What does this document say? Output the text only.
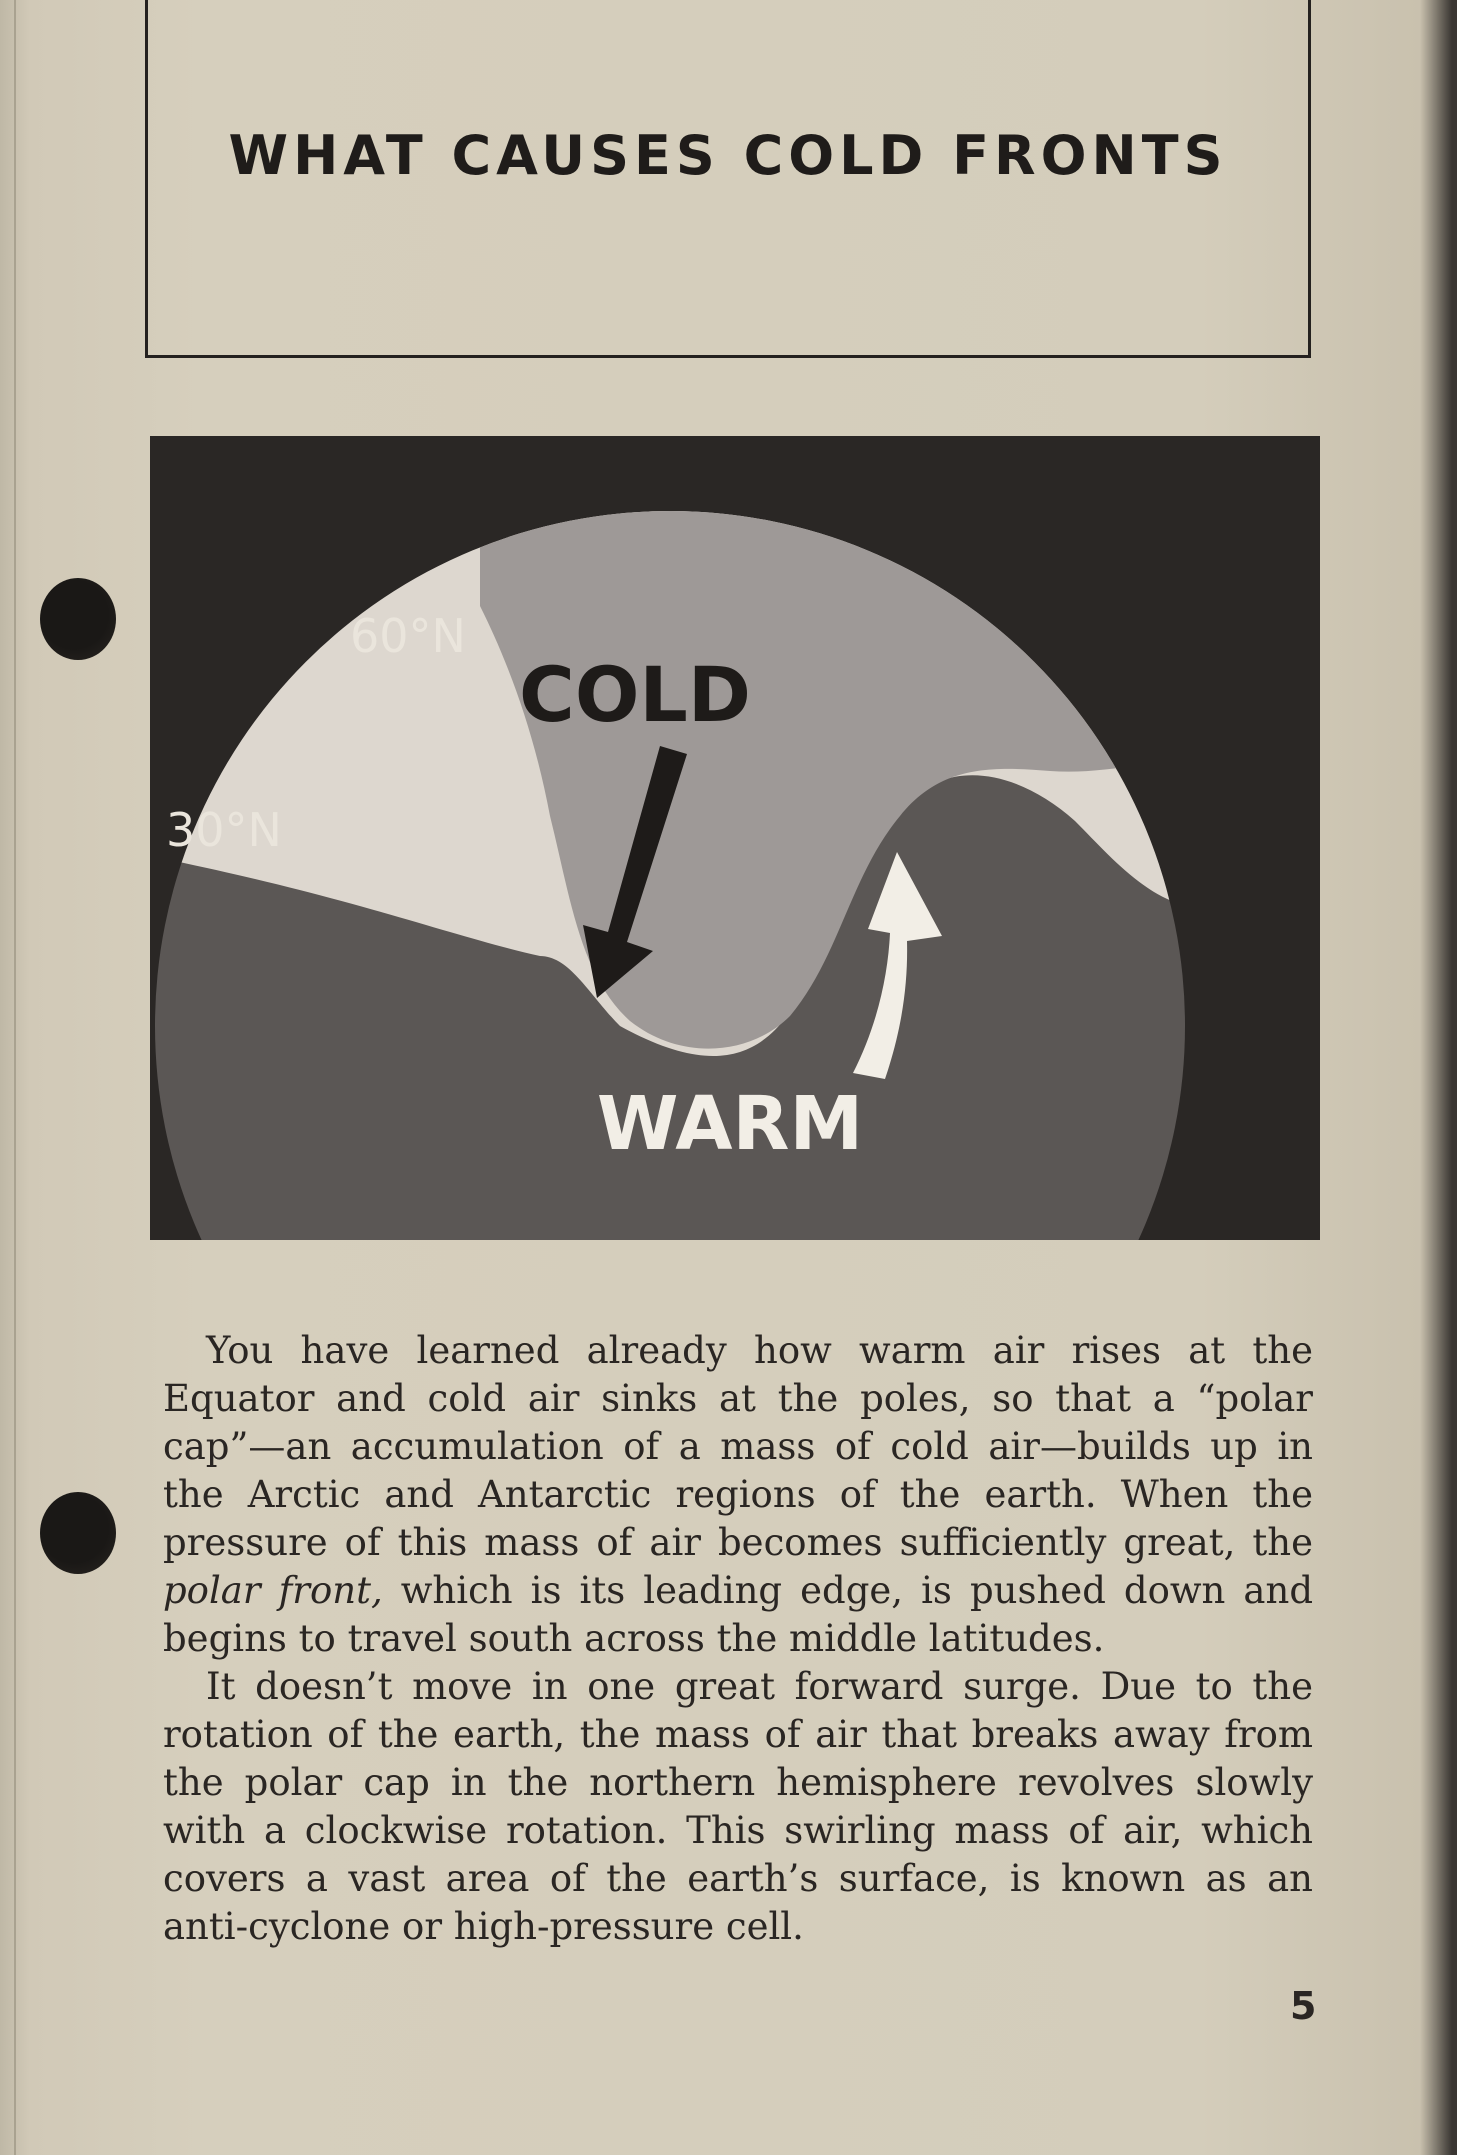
WHAT CAUSES COLD FRONTS
60°N
30°N
COLD
WARM

You have learned already how warm air rises at the Equator and cold air sinks at the poles, so that a “polar cap”—an accumulation of a mass of cold air—builds up in the Arctic and Antarctic regions of the earth. When the pressure of this mass of air becomes sufficiently great, the polar front, which is its leading edge, is pushed down and begins to travel south across the middle latitudes.

It doesn’t move in one great forward surge. Due to the rotation of the earth, the mass of air that breaks away from the polar cap in the northern hemisphere revolves slowly with a clockwise rotation. This swirling mass of air, which covers a vast area of the earth’s surface, is known as an anti-cyclone or high-pressure cell.

5
